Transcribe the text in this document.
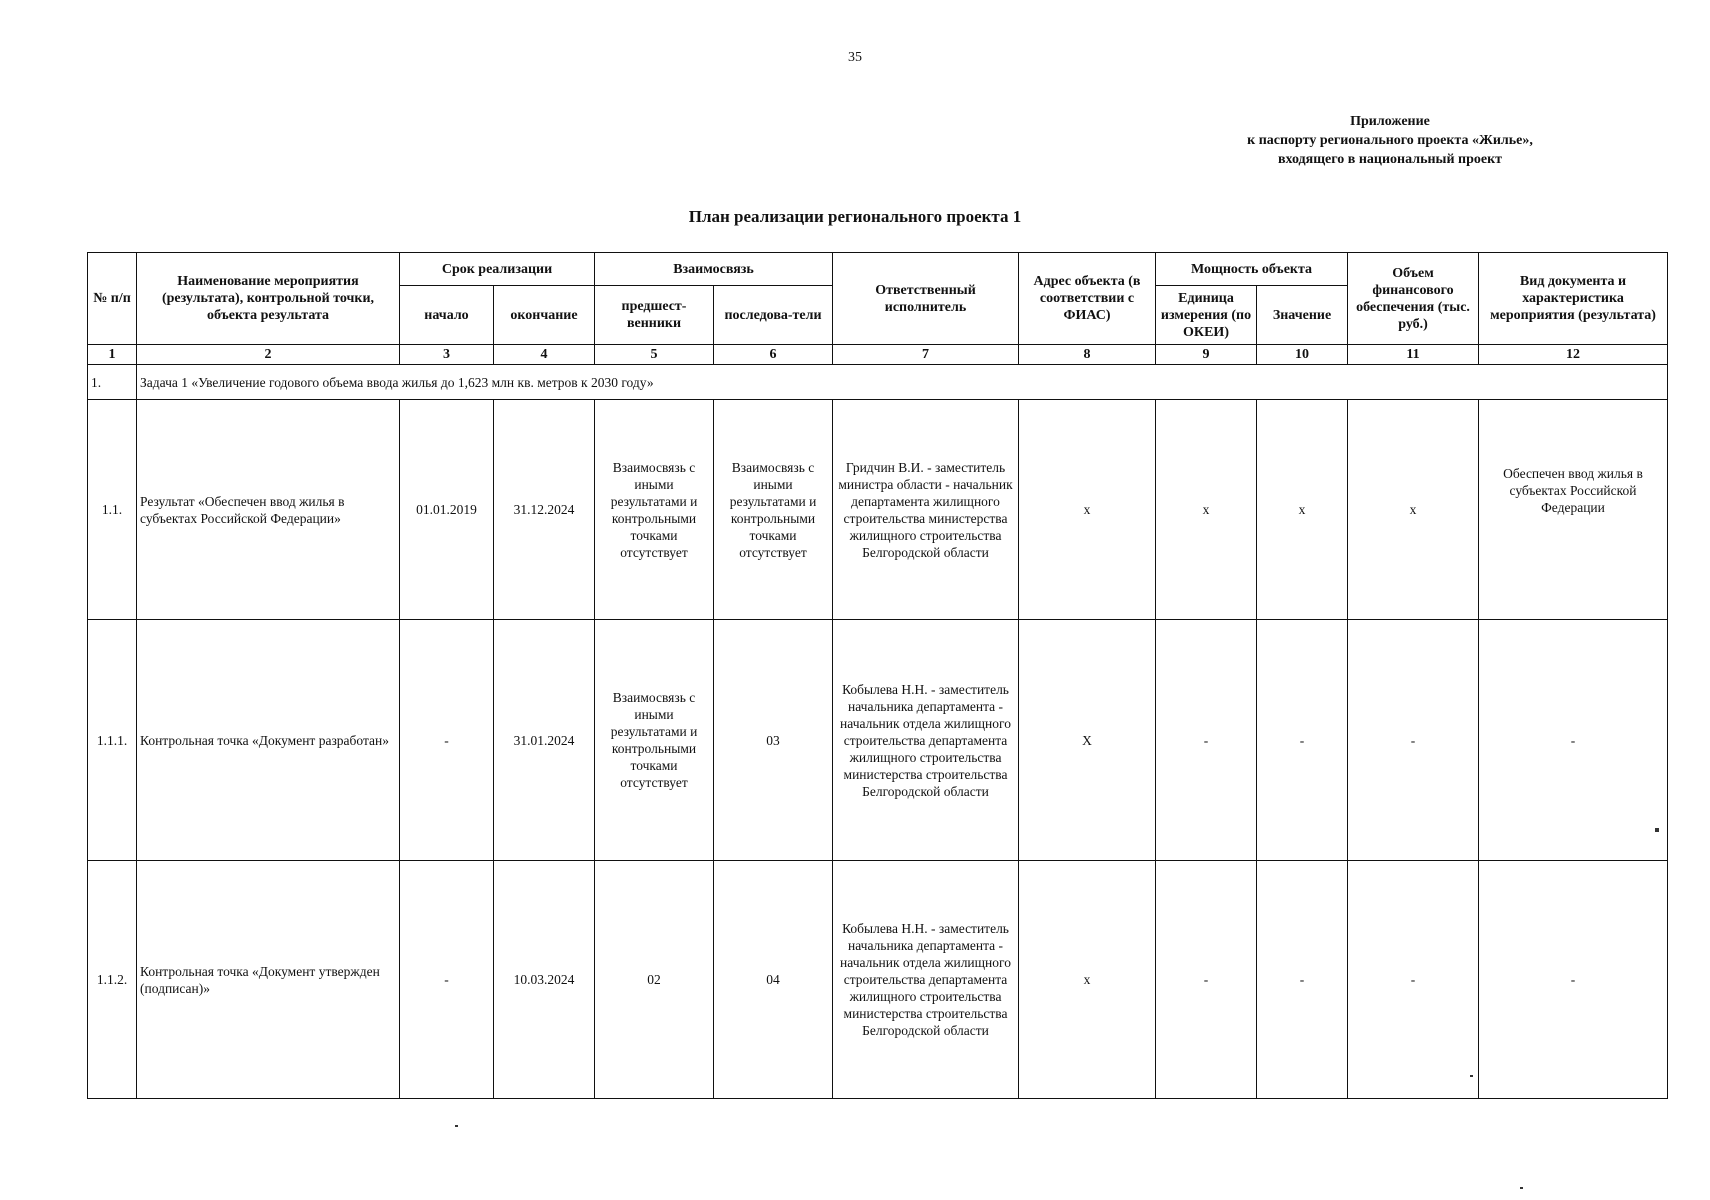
35
Приложение
к паспорту регионального проекта «Жилье»,
входящего в национальный проект
План реализации регионального проекта 1
№ п/п	Наименование мероприятия (результата), контрольной точки, объекта результата	Срок реализации		Взаимосвязь		Ответственный исполнитель	Адрес объекта (в соответствии с ФИАС)	Мощность объекта		Объем финансового обеспечения (тыс. руб.)	Вид документа и характеристика мероприятия (результата)
		начало	окончание	предшест-венники	последова-тели			Единица измерения (по ОКЕИ)	Значение		
1	2	3	4	5	6	7	8	9	10	11	12
1.	Задача 1 «Увеличение годового объема ввода жилья до 1,623 млн кв. метров к 2030 году»										
1.1.	Результат «Обеспечен ввод жилья в субъектах Российской Федерации»	01.01.2019	31.12.2024	Взаимосвязь с иными результатами и контрольными точками отсутствует	Взаимосвязь с иными результатами и контрольными точками отсутствует	Гридчин В.И. - заместитель министра области - начальник департамента жилищного строительства министерства жилищного строительства Белгородской области	x	x	x	x	Обеспечен ввод жилья в субъектах Российской Федерации
1.1.1.	Контрольная точка «Документ разработан»	-	31.01.2024	Взаимосвязь с иными результатами и контрольными точками отсутствует	03	Кобылева Н.Н. - заместитель начальника департамента - начальник отдела жилищного строительства департамента жилищного строительства министерства строительства Белгородской области	X	-	-	-	-
1.1.2.	Контрольная точка «Документ утвержден (подписан)»	-	10.03.2024	02	04	Кобылева Н.Н. - заместитель начальника департамента - начальник отдела жилищного строительства департамента жилищного строительства министерства строительства Белгородской области	x	-	-	-	-
